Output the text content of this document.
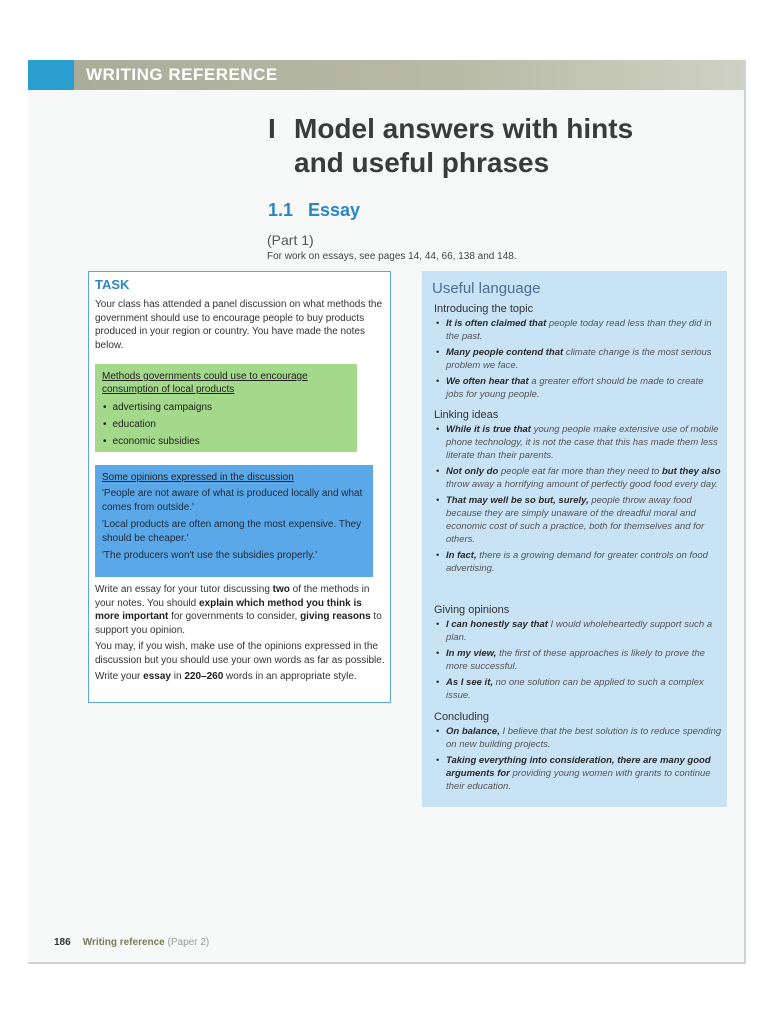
WRITING REFERENCE
I Model answers with hints
and useful phrases
1.1 Essay
(Part 1)
For work on essays, see pages 14, 44, 66, 138 and 148.
TASK
Your class has attended a panel discussion on what methods the government should use to encourage people to buy products produced in your region or country. You have made the notes below.
Methods governments could use to encourage consumption of local products
• advertising campaigns
• education
• economic subsidies
Some opinions expressed in the discussion

'People are not aware of what is produced locally and what comes from outside.'

'Local products are often among the most expensive. They should be cheaper.'

'The producers won't use the subsidies properly.'

Write an essay for your tutor discussing two of the methods in your notes. You should explain which method you think is more important for governments to consider, giving reasons to support you opinion.

You may, if you wish, make use of the opinions expressed in the discussion but you should use your own words as far as possible.

Write your essay in 220–260 words in an appropriate style.

Useful language
Introducing the topic
• It is often claimed that people today read less than they did in the past.
• Many people contend that climate change is the most serious problem we face.
• We often hear that a greater effort should be made to create jobs for young people.
Linking ideas
• While it is true that young people make extensive use of mobile phone technology, it is not the case that this has made them less literate than their parents.
• Not only do people eat far more than they need to but they also throw away a horrifying amount of perfectly good food every day.
• That may well be so but, surely, people throw away food because they are simply unaware of the dreadful moral and economic cost of such a practice, both for themselves and for others.
• In fact, there is a growing demand for greater controls on food advertising.
Giving opinions
• I can honestly say that I would wholeheartedly support such a plan.
• In my view, the first of these approaches is likely to prove the more successful.
• As I see it, no one solution can be applied to such a complex issue.
Concluding
• On balance, I believe that the best solution is to reduce spending on new building projects.
• Taking everything into consideration, there are many good arguments for providing young women with grants to continue their education.
186 Writing reference (Paper 2)
